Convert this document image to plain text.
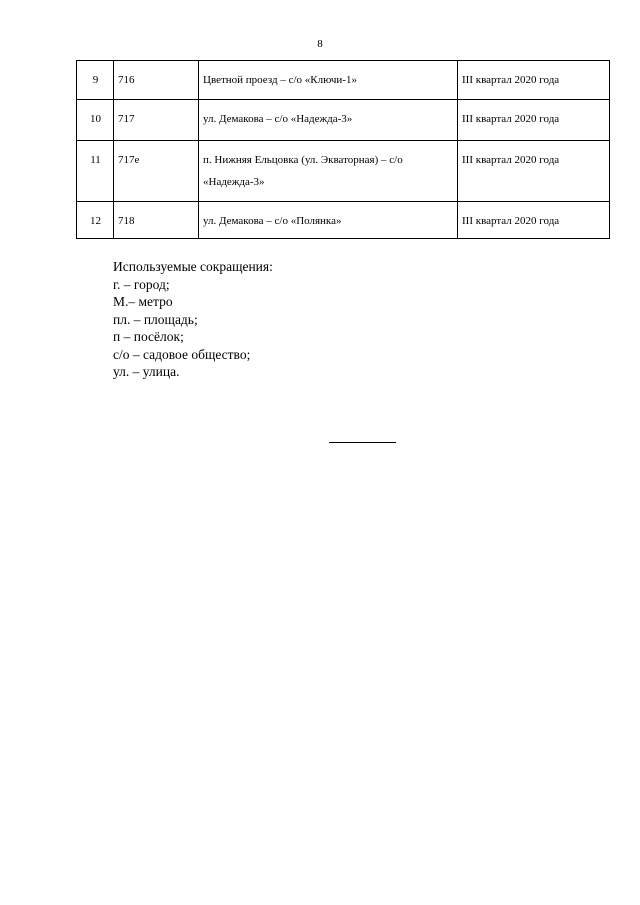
8
9	716	Цветной проезд – с/о «Ключи-1»	III квартал 2020 года
10	717	ул. Демакова – с/о «Надежда-3»	III квартал 2020 года
11	717е	п. Нижняя Ельцовка (ул. Экваторная) – с/о «Надежда-3»	III квартал 2020 года
12	718	ул. Демакова – с/о «Полянка»	III квартал 2020 года
Используемые сокращения:
г. – город;
М.– метро
пл. – площадь;
п – посёлок;
с/о – садовое общество;
ул. – улица.
